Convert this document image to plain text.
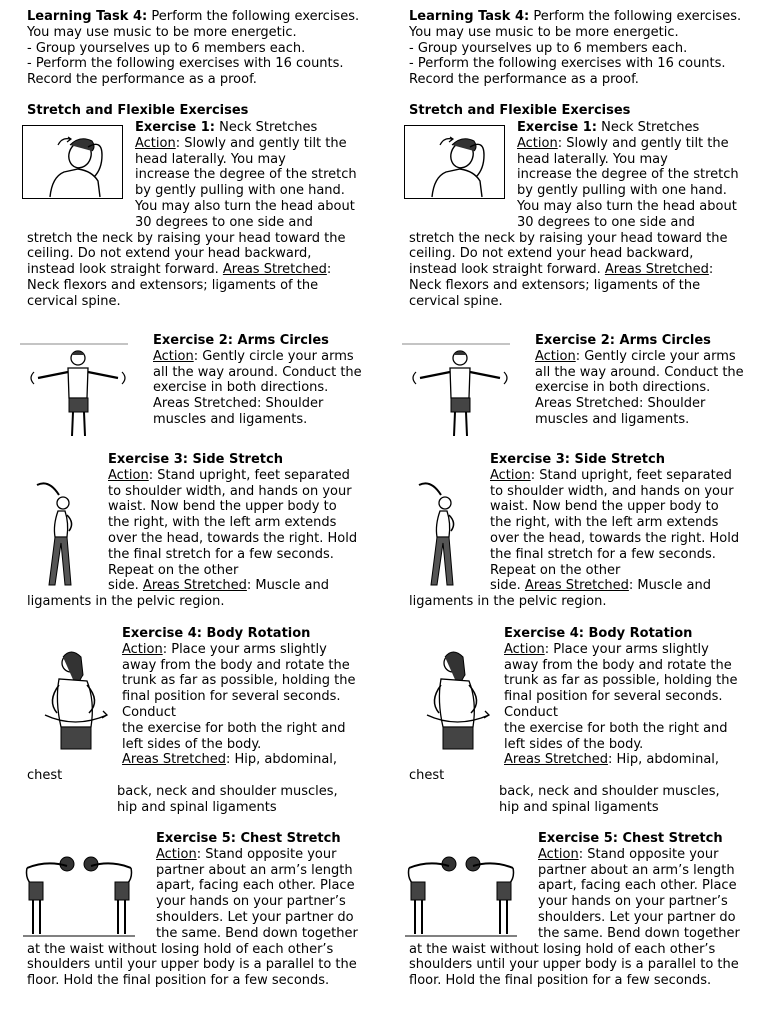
Learning Task 4: Perform the following exercises.
You may use music to be more energetic.
- Group yourselves up to 6 members each.
- Perform the following exercises with 16 counts.
Record the performance as a proof.
Stretch and Flexible Exercises
Exercise 1: Neck Stretches
Action: Slowly and gently tilt the
head laterally. You may
increase the degree of the stretch
by gently pulling with one hand.
You may also turn the head about
30 degrees to one side and
stretch the neck by raising your head toward the
ceiling. Do not extend your head backward,
instead look straight forward. Areas Stretched:
Neck flexors and extensors; ligaments of the
cervical spine.
Exercise 2: Arms Circles
Action: Gently circle your arms
all the way around. Conduct the
exercise in both directions.
Areas Stretched: Shoulder
muscles and ligaments.
Exercise 3: Side Stretch
Action: Stand upright, feet separated
to shoulder width, and hands on your
waist. Now bend the upper body to
the right, with the left arm extends
over the head, towards the right. Hold
the final stretch for a few seconds.
Repeat on the other
side. Areas Stretched: Muscle and
ligaments in the pelvic region.
Exercise 4: Body Rotation
Action: Place your arms slightly
away from the body and rotate the
trunk as far as possible, holding the
final position for several seconds.
Conduct
the exercise for both the right and
left sides of the body.
Areas Stretched: Hip, abdominal,
chest
back, neck and shoulder muscles,
hip and spinal ligaments
Exercise 5: Chest Stretch
Action: Stand opposite your
partner about an arm’s length
apart, facing each other. Place
your hands on your partner’s
shoulders. Let your partner do
the same. Bend down together
at the waist without losing hold of each other’s
shoulders until your upper body is a parallel to the
floor. Hold the final position for a few seconds.
Learning Task 4: Perform the following exercises.
You may use music to be more energetic.
- Group yourselves up to 6 members each.
- Perform the following exercises with 16 counts.
Record the performance as a proof.
Stretch and Flexible Exercises
Exercise 1: Neck Stretches
Action: Slowly and gently tilt the
head laterally. You may
increase the degree of the stretch
by gently pulling with one hand.
You may also turn the head about
30 degrees to one side and
stretch the neck by raising your head toward the
ceiling. Do not extend your head backward,
instead look straight forward. Areas Stretched:
Neck flexors and extensors; ligaments of the
cervical spine.
Exercise 2: Arms Circles
Action: Gently circle your arms
all the way around. Conduct the
exercise in both directions.
Areas Stretched: Shoulder
muscles and ligaments.
Exercise 3: Side Stretch
Action: Stand upright, feet separated
to shoulder width, and hands on your
waist. Now bend the upper body to
the right, with the left arm extends
over the head, towards the right. Hold
the final stretch for a few seconds.
Repeat on the other
side. Areas Stretched: Muscle and
ligaments in the pelvic region.
Exercise 4: Body Rotation
Action: Place your arms slightly
away from the body and rotate the
trunk as far as possible, holding the
final position for several seconds.
Conduct
the exercise for both the right and
left sides of the body.
Areas Stretched: Hip, abdominal,
chest
back, neck and shoulder muscles,
hip and spinal ligaments
Exercise 5: Chest Stretch
Action: Stand opposite your
partner about an arm’s length
apart, facing each other. Place
your hands on your partner’s
shoulders. Let your partner do
the same. Bend down together
at the waist without losing hold of each other’s
shoulders until your upper body is a parallel to the
floor. Hold the final position for a few seconds.
